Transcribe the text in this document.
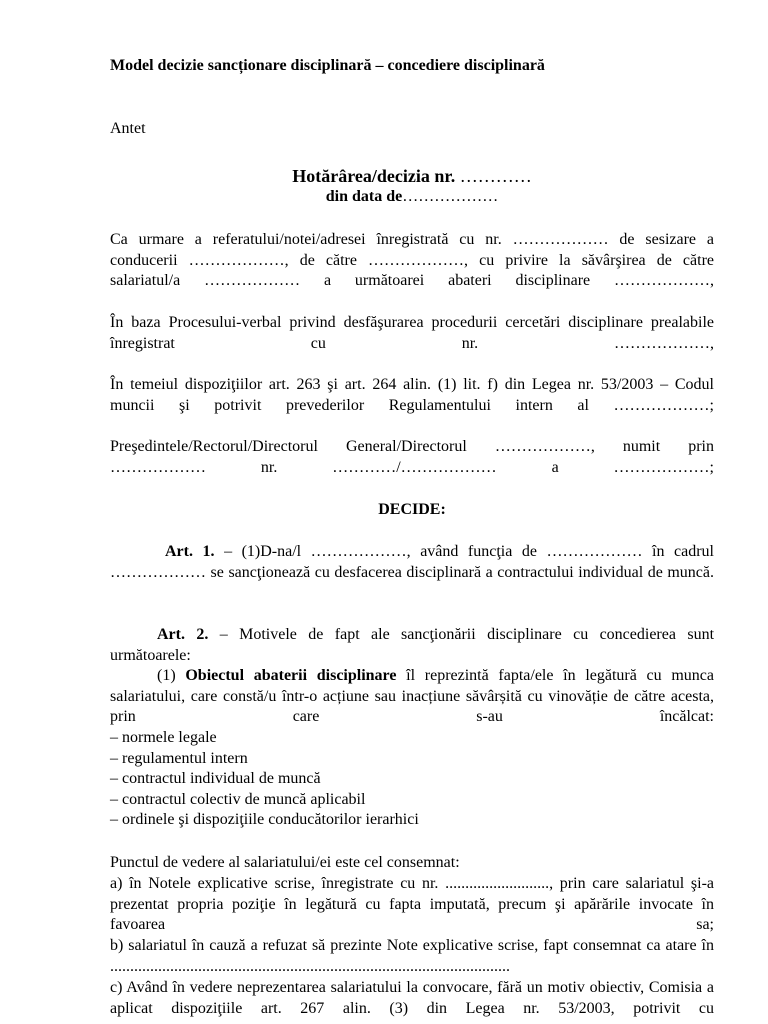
Model decizie sancționare disciplinară – concediere disciplinară

Antet

Hotărârea/decizia nr. …………

din data de………………

Ca urmare a referatului/notei/adresei înregistrată cu nr. ……………… de sesizare a conducerii ………………, de către ………………, cu privire la săvârşirea de către salariatul/a ……………… a următoarei abateri disciplinare ………………,

În baza Procesului-verbal privind desfăşurarea procedurii cercetări disciplinare prealabile înregistrat cu nr. ………………,

În temeiul dispoziţiilor art. 263 şi art. 264 alin. (1) lit. f) din Legea nr. 53/2003 – Codul muncii şi potrivit prevederilor Regulamentului intern al ………………;

Preşedintele/Rectorul/Directorul General/Directorul ………………, numit prin ……………… nr. …………/……………… a ………………;

DECIDE:

Art. 1. – (1)D-na/l ………………, având funcţia de ……………… în cadrul ……………… se sancţionează cu desfacerea disciplinară a contractului individual de muncă.

Art. 2. – Motivele de fapt ale sancţionării disciplinare cu concedierea sunt următoarele:

(1) Obiectul abaterii disciplinare îl reprezintă fapta/ele în legătură cu munca salariatului, care constă/u într-o acțiune sau inacțiune săvârșită cu vinovăție de către acesta, prin care s-au încălcat:

– normele legale

– regulamentul intern

– contractul individual de muncă

– contractul colectiv de muncă aplicabil

– ordinele şi dispoziţiile conducătorilor ierarhici

Punctul de vedere al salariatului/ei este cel consemnat:

a) în Notele explicative scrise, înregistrate cu nr. .........................., prin care salariatul şi-a prezentat propria poziţie în legătură cu fapta imputată, precum şi apărările invocate în favoarea sa;

b) salariatul în cauză a refuzat să prezinte Note explicative scrise, fapt consemnat ca atare în ....................................................................................................

c) Având în vedere neprezentarea salariatului la convocare, fără un motiv obiectiv, Comisia a aplicat dispoziţiile art. 267 alin. (3) din Legea nr. 53/2003, potrivit cu
